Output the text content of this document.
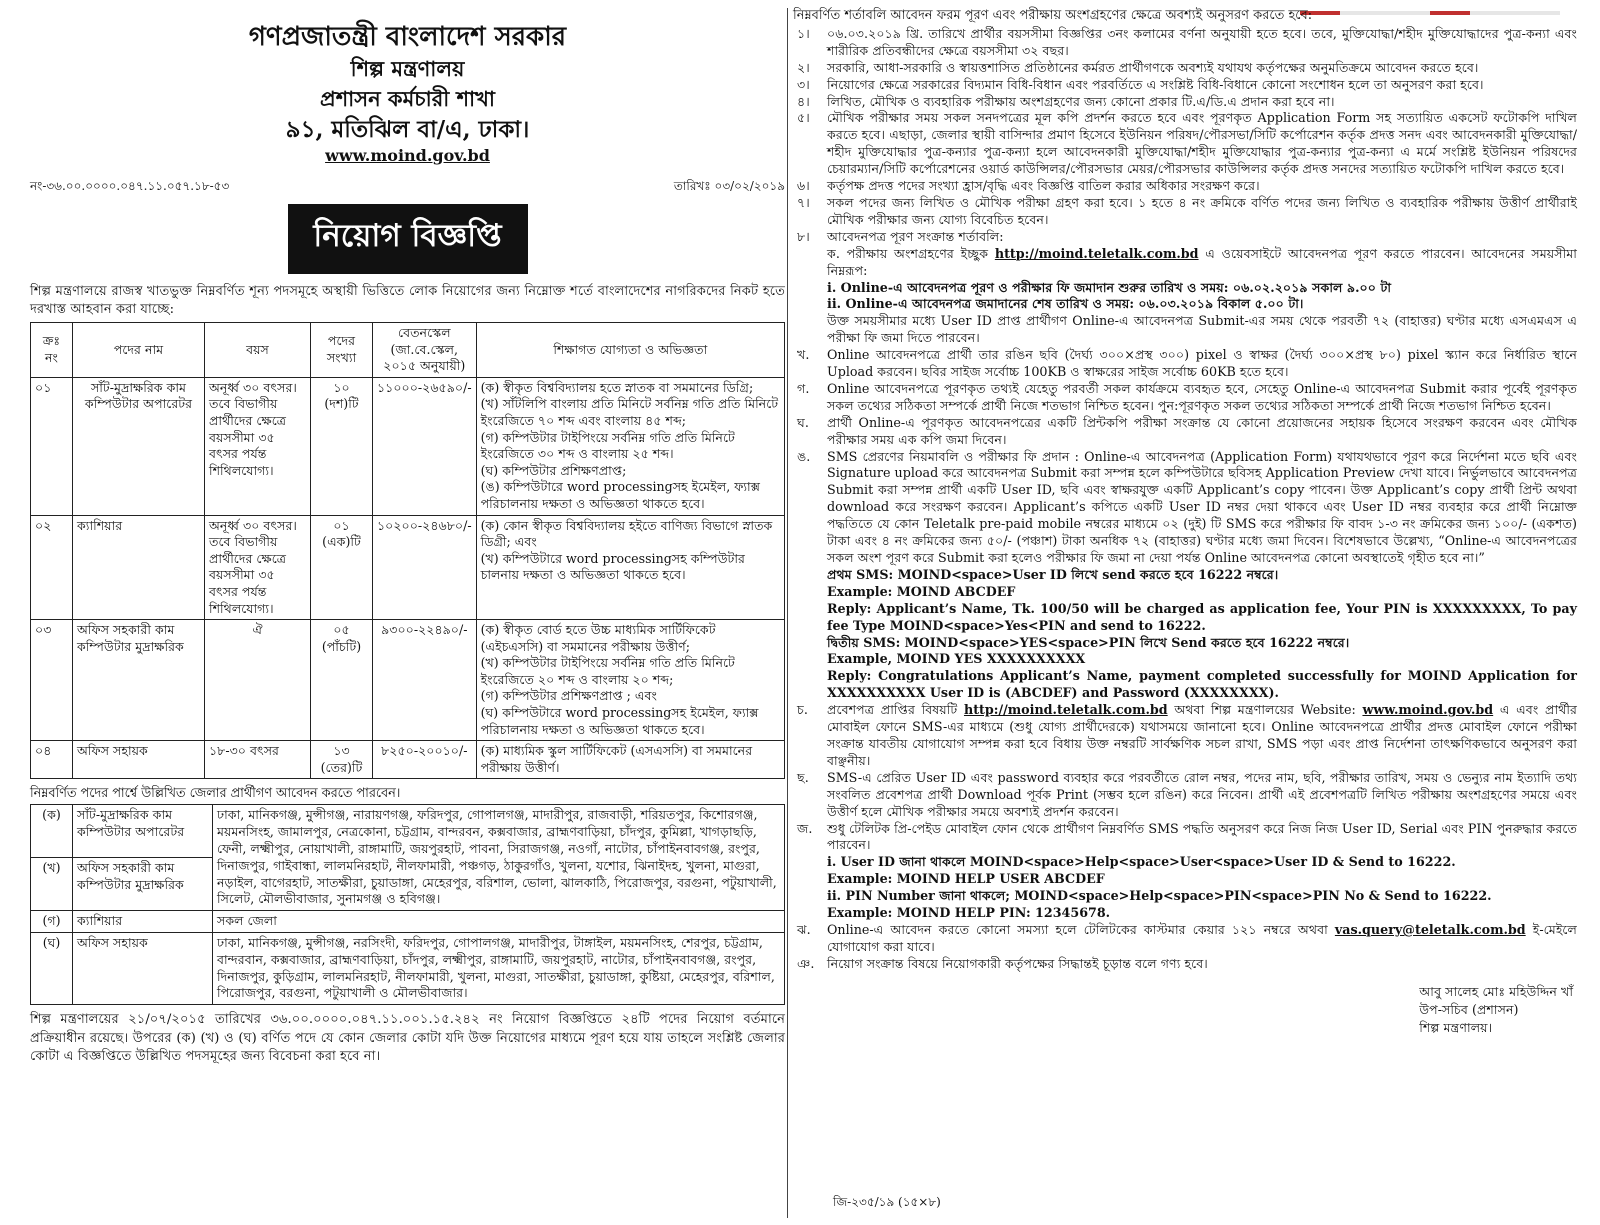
গণপ্রজাতন্ত্রী বাংলাদেশ সরকার
শিল্প মন্ত্রণালয়
প্রশাসন কর্মচারী শাখা
৯১, মতিঝিল বা/এ, ঢাকা।
www.moind.gov.bd
নং-৩৬.০০.০০০০.০৪৭.১১.০৫৭.১৮-৫৩	তারিখঃ ০৩/০২/২০১৯
নিয়োগ বিজ্ঞপ্তি
শিল্প মন্ত্রণালয়ে রাজস্ব খাতভুক্ত নিম্নবর্ণিত শূন্য পদসমূহে অস্থায়ী ভিত্তিতে লোক নিয়োগের জন্য নিম্নোক্ত শর্তে বাংলাদেশের নাগরিকদের নিকট হতে দরখাস্ত আহবান করা যাচ্ছে:
ক্রঃ নং	পদের নাম	বয়স	পদের সংখ্যা	বেতনস্কেল (জা.বে.স্কেল, ২০১৫ অনুযায়ী)	শিক্ষাগত যোগ্যতা ও অভিজ্ঞতা
০১	সাঁট-মুদ্রাক্ষরিক কাম কম্পিউটার অপারেটর	অনূর্ধ্ব ৩০ বৎসর। তবে বিভাগীয় প্রার্থীদের ক্ষেত্রে বয়সসীমা ৩৫ বৎসর পর্যন্ত শিথিলযোগ্য।	১০ (দশ)টি	১১০০০-২৬৫৯০/-	(ক) স্বীকৃত বিশ্ববিদ্যালয় হতে স্নাতক বা সমমানের ডিগ্রি;
(খ) সাঁটলিপি বাংলায় প্রতি মিনিটে সর্বনিম্ন গতি প্রতি মিনিটে ইংরেজিতে ৭০ শব্দ এবং বাংলায় ৪৫ শব্দ;
(গ) কম্পিউটার টাইপিংয়ে সর্বনিম্ন গতি প্রতি মিনিটে ইংরেজিতে ৩০ শব্দ ও বাংলায় ২৫ শব্দ।
(ঘ) কম্পিউটার প্রশিক্ষণপ্রাপ্ত;
(ঙ) কম্পিউটারে word processingসহ ইমেইল, ফ্যাক্স পরিচালনায় দক্ষতা ও অভিজ্ঞতা থাকতে হবে।

০২	ক্যাশিয়ার	অনূর্ধ্ব ৩০ বৎসর। তবে বিভাগীয় প্রার্থীদের ক্ষেত্রে বয়সসীমা ৩৫ বৎসর পর্যন্ত শিথিলযোগ্য।	০১ (এক)টি	১০২০০-২৪৬৮০/-	(ক) কোন স্বীকৃত বিশ্ববিদ্যালয় হইতে বাণিজ্য বিভাগে স্নাতক ডিগ্রী; এবং
(খ) কম্পিউটারে word processingসহ কম্পিউটার চালনায় দক্ষতা ও অভিজ্ঞতা থাকতে হবে।

০৩	অফিস সহকারী কাম কম্পিউটার মুদ্রাক্ষরিক	ঐ	০৫ (পাঁচটি)	৯৩০০-২২৪৯০/-	(ক) স্বীকৃত বোর্ড হতে উচ্চ মাধ্যমিক সার্টিফিকেট (এইচএসসি) বা সমমানের পরীক্ষায় উত্তীর্ণ;
(খ) কম্পিউটার টাইপিংয়ে সর্বনিম্ন গতি প্রতি মিনিটে ইংরেজিতে ২০ শব্দ ও বাংলায় ২০ শব্দ;
(গ) কম্পিউটার প্রশিক্ষণপ্রাপ্ত ; এবং
(ঘ) কম্পিউটারে word processingসহ ইমেইল, ফ্যাক্স পরিচালনায় দক্ষতা ও অভিজ্ঞতা থাকতে হবে।

০৪	অফিস সহায়ক	১৮-৩০ বৎসর	১৩ (তের)টি	৮২৫০-২০০১০/-	(ক) মাধ্যমিক স্কুল সার্টিফিকেট (এসএসসি) বা সমমানের পরীক্ষায় উত্তীর্ণ।
নিম্নবর্ণিত পদের পার্শ্বে উল্লিখিত জেলার প্রার্থীগণ আবেদন করতে পারবেন।
(ক)	সাঁট-মুদ্রাক্ষরিক কাম কম্পিউটার অপারেটর	ঢাকা, মানিকগঞ্জ, মুন্সীগঞ্জ, নারায়ণগঞ্জ, ফরিদপুর, গোপালগঞ্জ, মাদারীপুর, রাজবাড়ী, শরিয়তপুর, কিশোরগঞ্জ, ময়মনসিংহ, জামালপুর, নেত্রকোনা, চট্টগ্রাম, বান্দরবন, কক্সবাজার, ব্রাহ্মণবাড়িয়া, চাঁদপুর, কুমিল্লা, খাগড়াছড়ি, ফেনী, লক্ষ্মীপুর, নোয়াখালী, রাঙ্গামাটি, জয়পুরহাট, পাবনা, সিরাজগঞ্জ, নওগাঁ, নাটোর, চাঁপাইনবাবগঞ্জ, রংপুর, দিনাজপুর, গাইবান্ধা, লালমনিরহাট, নীলফামারী, পঞ্চগড়, ঠাকুরগাঁও, খুলনা, যশোর, ঝিনাইদহ, খুলনা, মাগুরা, নড়াইল, বাগেরহাট, সাতক্ষীরা, চুয়াডাঙ্গা, মেহেরপুর, বরিশাল, ভোলা, ঝালকাঠি, পিরোজপুর, বরগুনা, পটুয়াখালী, সিলেট, মৌলভীবাজার, সুনামগঞ্জ ও হবিগঞ্জ।
(খ)	অফিস সহকারী কাম কম্পিউটার মুদ্রাক্ষরিক	
(গ)	ক্যাশিয়ার	সকল জেলা
(ঘ)	অফিস সহায়ক	ঢাকা, মানিকগঞ্জ, মুন্সীগঞ্জ, নরসিংদী, ফরিদপুর, গোপালগঞ্জ, মাদারীপুর, টাঙ্গাইল, ময়মনসিংহ, শেরপুর, চট্টগ্রাম, বান্দরবান, কক্সবাজার, ব্রাহ্মণবাড়িয়া, চাঁদপুর, লক্ষ্মীপুর, রাঙ্গামাটি, জয়পুরহাট, নাটোর, চাঁপাইনবাবগঞ্জ, রংপুর, দিনাজপুর, কুড়িগ্রাম, লালমনিরহাট, নীলফামারী, খুলনা, মাগুরা, সাতক্ষীরা, চুয়াডাঙ্গা, কুষ্টিয়া, মেহেরপুর, বরিশাল, পিরোজপুর, বরগুনা, পটুয়াখালী ও মৌলভীবাজার।
শিল্প মন্ত্রণালয়ের ২১/০৭/২০১৫ তারিখের ৩৬.০০.০০০০.০৪৭.১১.০০১.১৫.২৪২ নং নিয়োগ বিজ্ঞপ্তিতে ২৪টি পদের নিয়োগ বর্তমানে প্রক্রিয়াধীন রয়েছে। উপরের (ক) (খ) ও (ঘ) বর্ণিত পদে যে কোন জেলার কোটা যদি উক্ত নিয়োগের মাধ্যমে পূরণ হয়ে যায় তাহলে সংশ্লিষ্ট জেলার কোটা এ বিজ্ঞপ্তিতে উল্লিখিত পদসমূহের জন্য বিবেচনা করা হবে না।
নিম্নবর্ণিত শর্তাবলি আবেদন ফরম পূরণ এবং পরীক্ষায় অংশগ্রহণের ক্ষেত্রে অবশ্যই অনুসরণ করতে হবে:
১।	০৬.০৩.২০১৯ খ্রি. তারিখে প্রার্থীর বয়সসীমা বিজ্ঞপ্তির ৩নং কলামের বর্ণনা অনুযায়ী হতে হবে। তবে, মুক্তিযোদ্ধা/শহীদ মুক্তিযোদ্ধাদের পুত্র-কন্যা এবং শারীরিক প্রতিবন্ধীদের ক্ষেত্রে বয়সসীমা ৩২ বছর।
২।	সরকারি, আধা-সরকারি ও স্বায়ত্তশাসিত প্রতিষ্ঠানের কর্মরত প্রার্থীগণকে অবশ্যই যথাযথ কর্তৃপক্ষের অনুমতিক্রমে আবেদন করতে হবে।
৩।	নিয়োগের ক্ষেত্রে সরকারের বিদ্যমান বিধি-বিধান এবং পরবর্তিতে এ সংশ্লিষ্ট বিধি-বিধানে কোনো সংশোধন হলে তা অনুসরণ করা হবে।
৪।	লিখিত, মৌখিক ও ব্যবহারিক পরীক্ষায় অংশগ্রহণের জন্য কোনো প্রকার টি.এ/ডি.এ প্রদান করা হবে না।
৫।	মৌখিক পরীক্ষার সময় সকল সনদপত্রের মূল কপি প্রদর্শন করতে হবে এবং পূরণকৃত Application Form সহ সত্যায়িত একসেট ফটোকপি দাখিল করতে হবে। এছাড়া, জেলার স্থায়ী বাসিন্দার প্রমাণ হিসেবে ইউনিয়ন পরিষদ/পৌরসভা/সিটি কর্পোরেশন কর্তৃক প্রদত্ত সনদ এবং আবেদনকারী মুক্তিযোদ্ধা/শহীদ মুক্তিযোদ্ধার পুত্র-কন্যার পুত্র-কন্যা হলে আবেদনকারী মুক্তিযোদ্ধা/শহীদ মুক্তিযোদ্ধার পুত্র-কন্যার পুত্র-কন্যা এ মর্মে সংশ্লিষ্ট ইউনিয়ন পরিষদের চেয়ারম্যান/সিটি কর্পোরেশনের ওয়ার্ড কাউন্সিলর/পৌরসভার মেয়র/পৌরসভার কাউন্সিলর কর্তৃক প্রদত্ত সনদের সত্যায়িত ফটোকপি দাখিল করতে হবে।
৬।	কর্তৃপক্ষ প্রদত্ত পদের সংখ্যা হ্রাস/বৃদ্ধি এবং বিজ্ঞপ্তি বাতিল করার অধিকার সংরক্ষণ করে।
৭।	সকল পদের জন্য লিখিত ও মৌখিক পরীক্ষা গ্রহণ করা হবে। ১ হতে ৪ নং ক্রমিকে বর্ণিত পদের জন্য লিখিত ও ব্যবহারিক পরীক্ষায় উত্তীর্ণ প্রার্থীরাই মৌখিক পরীক্ষার জন্য যোগ্য বিবেচিত হবেন।
৮।	আবেদনপত্র পূরণ সংক্রান্ত শর্তাবলি:

ক. পরীক্ষায় অংশগ্রহণের ইচ্ছুক http://moind.teletalk.com.bd এ ওয়েবসাইটে আবেদনপত্র পূরণ করতে পারবেন। আবেদনের সময়সীমা নিম্নরূপ:

i. Online-এ আবেদনপত্র পূরণ ও পরীক্ষার ফি জমাদান শুরুর তারিখ ও সময়: ০৬.০২.২০১৯ সকাল ৯.০০ টা

ii. Online-এ আবেদনপত্র জমাদানের শেষ তারিখ ও সময়: ০৬.০৩.২০১৯ বিকাল ৫.০০ টা।

উক্ত সময়সীমার মধ্যে User ID প্রাপ্ত প্রার্থীগণ Online-এ আবেদনপত্র Submit-এর সময় থেকে পরবর্তী ৭২ (বাহাত্তর) ঘণ্টার মধ্যে এসএমএস এ পরীক্ষা ফি জমা দিতে পারবেন।

খ.	Online আবেদনপত্রে প্রার্থী তার রঙিন ছবি (দৈর্ঘ্য ৩০০×প্রস্থ ৩০০) pixel ও স্বাক্ষর (দৈর্ঘ্য ৩০০×প্রস্থ ৮০) pixel স্ক্যান করে নির্ধারিত স্থানে Upload করবেন। ছবির সাইজ সর্বোচ্চ 100KB ও স্বাক্ষরের সাইজ সর্বোচ্চ 60KB হতে হবে।
গ.	Online আবেদনপত্রে পূরণকৃত তথ্যই যেহেতু পরবর্তী সকল কার্যক্রমে ব্যবহৃত হবে, সেহেতু Online-এ আবেদনপত্র Submit করার পূর্বেই পূরণকৃত সকল তথ্যের সঠিকতা সম্পর্কে প্রার্থী নিজে শতভাগ নিশ্চিত হবেন। পুন:পূরণকৃত সকল তথ্যের সঠিকতা সম্পর্কে প্রার্থী নিজে শতভাগ নিশ্চিত হবেন।
ঘ.	প্রার্থী Online-এ পূরণকৃত আবেদনপত্রের একটি প্রিন্টকপি পরীক্ষা সংক্রান্ত যে কোনো প্রয়োজনের সহায়ক হিসেবে সংরক্ষণ করবেন এবং মৌখিক পরীক্ষার সময় এক কপি জমা দিবেন।
ঙ.	SMS প্রেরণের নিয়মাবলি ও পরীক্ষার ফি প্রদান : Online-এ আবেদনপত্র (Application Form) যথাযথভাবে পূরণ করে নির্দেশনা মতে ছবি এবং Signature upload করে আবেদনপত্র Submit করা সম্পন্ন হলে কম্পিউটারে ছবিসহ Application Preview দেখা যাবে। নির্ভুলভাবে আবেদনপত্র Submit করা সম্পন্ন প্রার্থী একটি User ID, ছবি এবং স্বাক্ষরযুক্ত একটি Applicant’s copy পাবেন। উক্ত Applicant’s copy প্রার্থী প্রিন্ট অথবা download করে সংরক্ষণ করবেন। Applicant’s কপিতে একটি User ID নম্বর দেয়া থাকবে এবং User ID নম্বর ব্যবহার করে প্রার্থী নিম্নোক্ত পদ্ধতিতে যে কোন Teletalk pre-paid mobile নম্বরের মাধ্যমে ০২ (দুই) টি SMS করে পরীক্ষার ফি বাবদ ১-৩ নং ক্রমিকের জন্য ১০০/- (একশত) টাকা এবং ৪ নং ক্রমিকের জন্য ৫০/- (পঞ্চাশ) টাকা অনধিক ৭২ (বাহাত্তর) ঘণ্টার মধ্যে জমা দিবেন। বিশেষভাবে উল্লেখ্য, “Online-এ আবেদনপত্রের সকল অংশ পূরণ করে Submit করা হলেও পরীক্ষার ফি জমা না দেয়া পর্যন্ত Online আবেদনপত্র কোনো অবস্থাতেই গৃহীত হবে না।”

প্রথম SMS: MOIND<space>User ID লিখে send করতে হবে 16222 নম্বরে।

Example: MOIND ABCDEF

Reply: Applicant’s Name, Tk. 100/50 will be charged as application fee, Your PIN is XXXXXXXXX, To pay fee Type MOIND<space>Yes<PIN and send to 16222.

দ্বিতীয় SMS: MOIND<space>YES<space>PIN লিখে Send করতে হবে 16222 নম্বরে।

Example, MOIND YES XXXXXXXXXX

Reply: Congratulations Applicant’s Name, payment completed successfully for MOIND Application for XXXXXXXXXX User ID is (ABCDEF) and Password (XXXXXXXX).

চ.	প্রবেশপত্র প্রাপ্তির বিষয়টি http://moind.teletalk.com.bd অথবা শিল্প মন্ত্রণালয়ের Website: www.moind.gov.bd এ এবং প্রার্থীর মোবাইল ফোনে SMS-এর মাধ্যমে (শুধু যোগ্য প্রার্থীদেরকে) যথাসময়ে জানানো হবে। Online আবেদনপত্রে প্রার্থীর প্রদত্ত মোবাইল ফোনে পরীক্ষা সংক্রান্ত যাবতীয় যোগাযোগ সম্পন্ন করা হবে বিধায় উক্ত নম্বরটি সার্বক্ষণিক সচল রাখা, SMS পড়া এবং প্রাপ্ত নির্দেশনা তাৎক্ষণিকভাবে অনুসরণ করা বাঞ্ছনীয়।
ছ.	SMS-এ প্রেরিত User ID এবং password ব্যবহার করে পরবর্তীতে রোল নম্বর, পদের নাম, ছবি, পরীক্ষার তারিখ, সময় ও ভেন্যুর নাম ইত্যাদি তথ্য সংবলিত প্রবেশপত্র প্রার্থী Download পূর্বক Print (সম্ভব হলে রঙিন) করে নিবেন। প্রার্থী এই প্রবেশপত্রটি লিখিত পরীক্ষায় অংশগ্রহণের সময়ে এবং উত্তীর্ণ হলে মৌখিক পরীক্ষার সময়ে অবশ্যই প্রদর্শন করবেন।
জ.	শুধু টেলিটক প্রি-পেইড মোবাইল ফোন থেকে প্রার্থীগণ নিম্নবর্ণিত SMS পদ্ধতি অনুসরণ করে নিজ নিজ User ID, Serial এবং PIN পুনরুদ্ধার করতে পারবেন।

i. User ID জানা থাকলে MOIND<space>Help<space>User<space>User ID & Send to 16222.

Example: MOIND HELP USER ABCDEF

ii. PIN Number জানা থাকলে; MOIND<space>Help<space>PIN<space>PIN No & Send to 16222.

Example: MOIND HELP PIN: 12345678.

ঝ.	Online-এ আবেদন করতে কোনো সমস্যা হলে টেলিটকের কাস্টমার কেয়ার ১২১ নম্বরে অথবা vas.query@teletalk.com.bd ই-মেইলে যোগাযোগ করা যাবে।
ঞ. নিয়োগ সংক্রান্ত বিষয়ে নিয়োগকারী কর্তৃপক্ষের সিদ্ধান্তই চূড়ান্ত বলে গণ্য হবে।

আবু সালেহ মোঃ মহিউদ্দিন খাঁ

উপ-সচিব (প্রশাসন)

শিল্প মন্ত্রণালয়।

জি-২৩৫/১৯ (১৫×৮)
